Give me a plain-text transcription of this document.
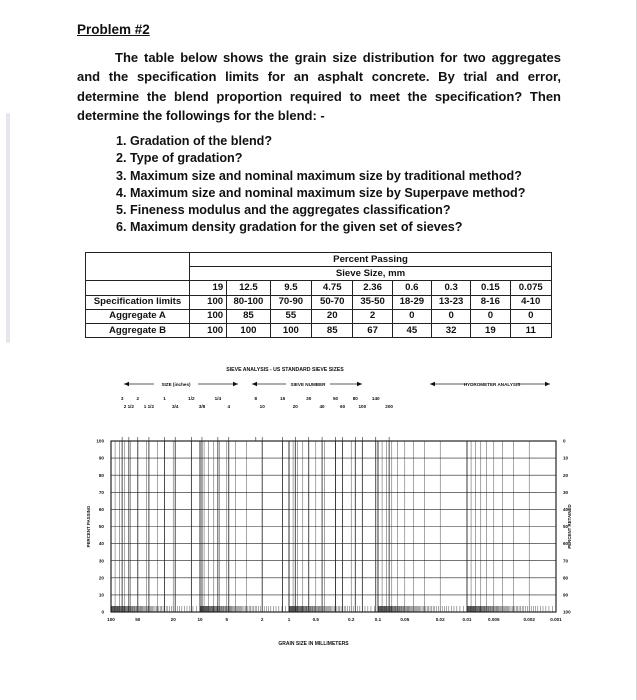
Problem #2
The table below shows the grain size distribution for two aggregates and the specification limits for an asphalt concrete. By trial and error, determine the blend proportion required to meet the specification? Then determine the followings for the blend: -
1. Gradation of the blend?
2. Type of gradation?
3. Maximum size and nominal maximum size by traditional method?
4. Maximum size and nominal maximum size by Superpave method?
5. Fineness modulus and the aggregates classification?
6. Maximum density gradation for the given set of sieves?
	Percent Passing								
	Sieve Size, mm								
	19	12.5	9.5	4.75	2.36	0.6	0.3	0.15	0.075
Specification limits	100	80-100	70-90	50-70	35-50	18-29	13-23	8-16	4-10
Aggregate A	100	85	55	20	2	0	0	0	0
Aggregate B	100	100	100	85	67	45	32	19	11
100
90
80
70
60
50
40
30
20
10
0
0
10
20
30
40
50
60
70
80
90
100
100	50	20	10	5	2	1	0.5	0.2	0.1	0.05	0.02	0.01	0.005	0.002	0.001
PERCENT PASSING	PERCENT RETAINED
GRAIN SIZE IN MILLIMETERS
SIEVE ANALYSIS - US STANDARD SIEVE SIZES
SIZE (inches)	SIEVE NUMBER	HYDROMETER ANALYSIS
3	2	1	1/2	1/4
2 1/2 1 1/2	3/4	3/8
8	16	30	50	80	140
4	10	20	40	60	100	200
